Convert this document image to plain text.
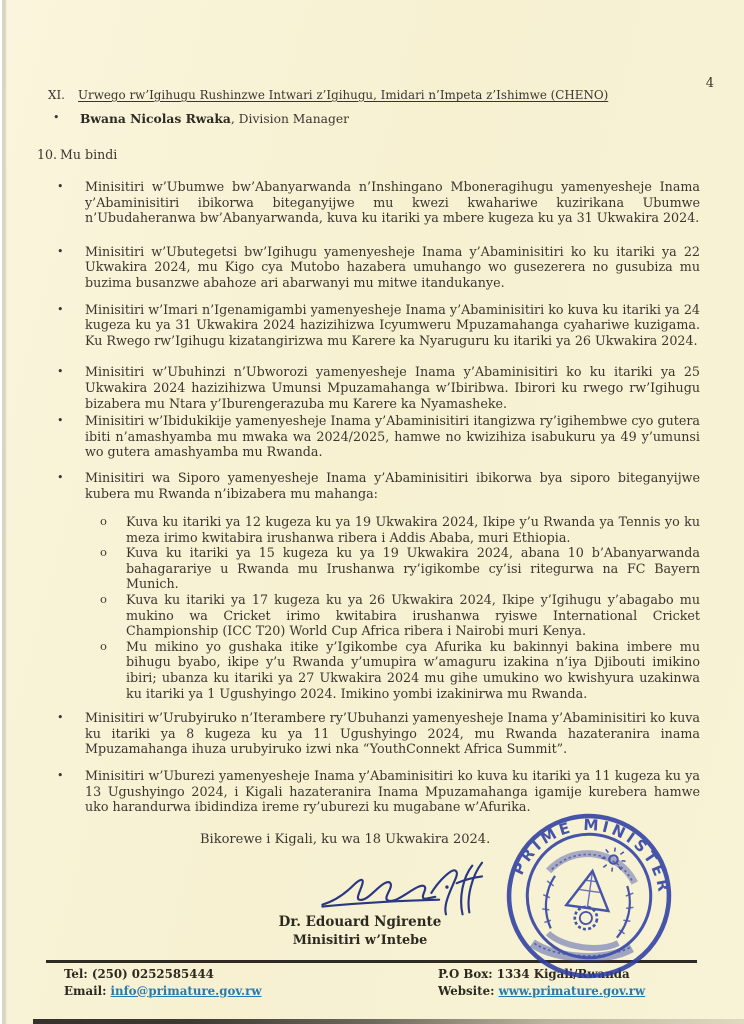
4
XI.	Urwego rw’Igihugu Rushinzwe Intwari z’Igihugu, Imidari n’Impeta z’Ishimwe (CHENO)
•	Bwana Nicolas Rwaka, Division Manager
10. Mu bindi
•	Minisitiri w’Ubumwe bw’Abanyarwanda n’Inshingano Mboneragihugu yamenyesheje Inama y’Abaminisitiri ibikorwa biteganyijwe mu kwezi kwahariwe kuzirikana Ubumwe n’Ubudaheranwa bw’Abanyarwanda, kuva ku itariki ya mbere kugeza ku ya 31 Ukwakira 2024.
•	Minisitiri w’Ubutegetsi bw’Igihugu yamenyesheje Inama y’Abaminisitiri ko ku itariki ya 22 Ukwakira 2024, mu Kigo cya Mutobo hazabera umuhango wo gusezerera no gusubiza mu buzima busanzwe abahoze ari abarwanyi mu mitwe itandukanye.
•	Minisitiri w’Imari n’Igenamigambi yamenyesheje Inama y’Abaminisitiri ko kuva ku itariki ya 24 kugeza ku ya 31 Ukwakira 2024 hazizihizwa Icyumweru Mpuzamahanga cyahariwe kuzigama. Ku Rwego rw’Igihugu kizatangirizwa mu Karere ka Nyaruguru ku itariki ya 26 Ukwakira 2024.
•	Minisitiri w’Ubuhinzi n’Ubworozi yamenyesheje Inama y’Abaminisitiri ko ku itariki ya 25 Ukwakira 2024 hazizihizwa Umunsi Mpuzamahanga w’Ibiribwa. Ibirori ku rwego rw’Igihugu bizabera mu Ntara y’Iburengerazuba mu Karere ka Nyamasheke.
•	Minisitiri w’Ibidukikije yamenyesheje Inama y’Abaminisitiri itangizwa ry’igihembwe cyo gutera ibiti n’amashyamba mu mwaka wa 2024/2025, hamwe no kwizihiza isabukuru ya 49 y’umunsi wo gutera amashyamba mu Rwanda.
•	Minisitiri wa Siporo yamenyesheje Inama y’Abaminisitiri ibikorwa bya siporo biteganyijwe kubera mu Rwanda n’ibizabera mu mahanga:
o	Kuva ku itariki ya 12 kugeza ku ya 19 Ukwakira 2024, Ikipe y’u Rwanda ya Tennis yo ku meza irimo kwitabira irushanwa ribera i Addis Ababa, muri Ethiopia.
o	Kuva ku itariki ya 15 kugeza ku ya 19 Ukwakira 2024, abana 10 b’Abanyarwanda bahagarariye u Rwanda mu Irushanwa ry’igikombe cy’isi ritegurwa na FC Bayern Munich.
o	Kuva ku itariki ya 17 kugeza ku ya 26 Ukwakira 2024, Ikipe y’Igihugu y’abagabo mu mukino wa Cricket irimo kwitabira irushanwa ryiswe International Cricket Championship (ICC T20) World Cup Africa ribera i Nairobi muri Kenya.
o	Mu mikino yo gushaka itike y’Igikombe cya Afurika ku bakinnyi bakina imbere mu bihugu byabo, ikipe y’u Rwanda y’umupira w’amaguru izakina n’iya Djibouti imikino ibiri; ubanza ku itariki ya 27 Ukwakira 2024 mu gihe umukino wo kwishyura uzakinwa ku itariki ya 1 Ugushyingo 2024. Imikino yombi izakinirwa mu Rwanda.
•	Minisitiri w’Urubyiruko n’Iterambere ry’Ubuhanzi yamenyesheje Inama y’Abaminisitiri ko kuva ku itariki ya 8 kugeza ku ya 11 Ugushyingo 2024, mu Rwanda hazateranira inama Mpuzamahanga ihuza urubyiruko izwi nka “YouthConnekt Africa Summit”.
•	Minisitiri w’Uburezi yamenyesheje Inama y’Abaminisitiri ko kuva ku itariki ya 11 kugeza ku ya 13 Ugushyingo 2024, i Kigali hazateranira Inama Mpuzamahanga igamije kurebera hamwe uko harandurwa ibidindiza ireme ry’uburezi ku mugabane w’Afurika.
Bikorewe i Kigali, ku wa 18 Ukwakira 2024.
Dr. Edouard Ngirente
Minisitiri w’Intebe
PRIME MINISTER
Tel: (250) 0252585444
Email: info@primature.gov.rw
P.O Box: 1334 Kigali/Rwanda
Website: www.primature.gov.rw
